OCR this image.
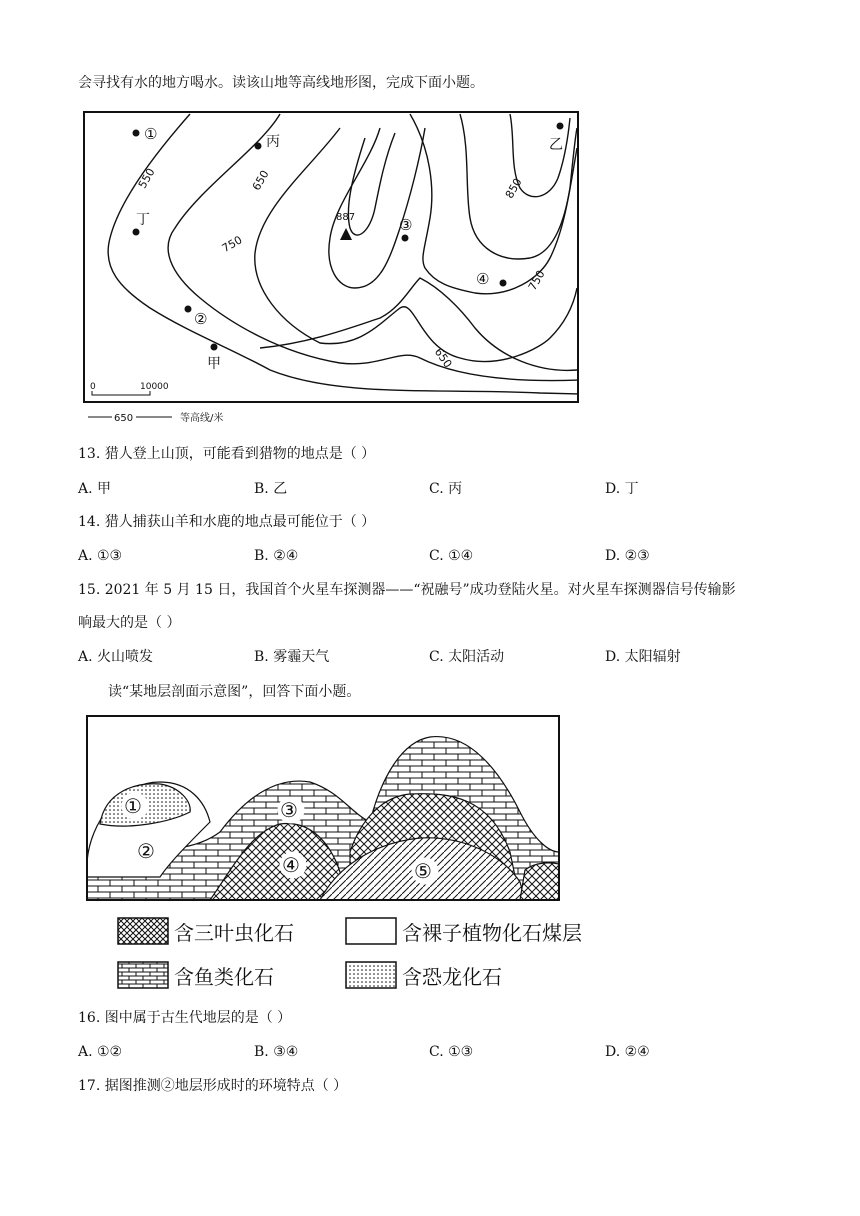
会寻找有水的地方喝水。读该山地等高线地形图，完成下面小题。
550	650
750
850
750
650
887
①	丙	乙
丁	③
④
②
甲
0	10000
650	等高线/米
13. 猎人登上山顶，可能看到猎物的地点是（ ）
A. 甲	B. 乙	C. 丙	D. 丁
14. 猎人捕获山羊和水鹿的地点最可能位于（ ）
A. ①③	B. ②④	C. ①④	D. ②③
15. 2021 年 5 月 15 日，我国首个火星车探测器——“祝融号”成功登陆火星。对火星车探测器信号传输影
响最大的是（ ）
A. 火山喷发	B. 雾霾天气	C. 太阳活动	D. 太阳辐射
读“某地层剖面示意图”，回答下面小题。
①
②
③
④	⑤
含三叶虫化石	含裸子植物化石煤层
含鱼类化石	含恐龙化石
16. 图中属于古生代地层的是（ ）
A. ①②	B. ③④	C. ①③	D. ②④
17. 据图推测②地层形成时的环境特点（ ）
